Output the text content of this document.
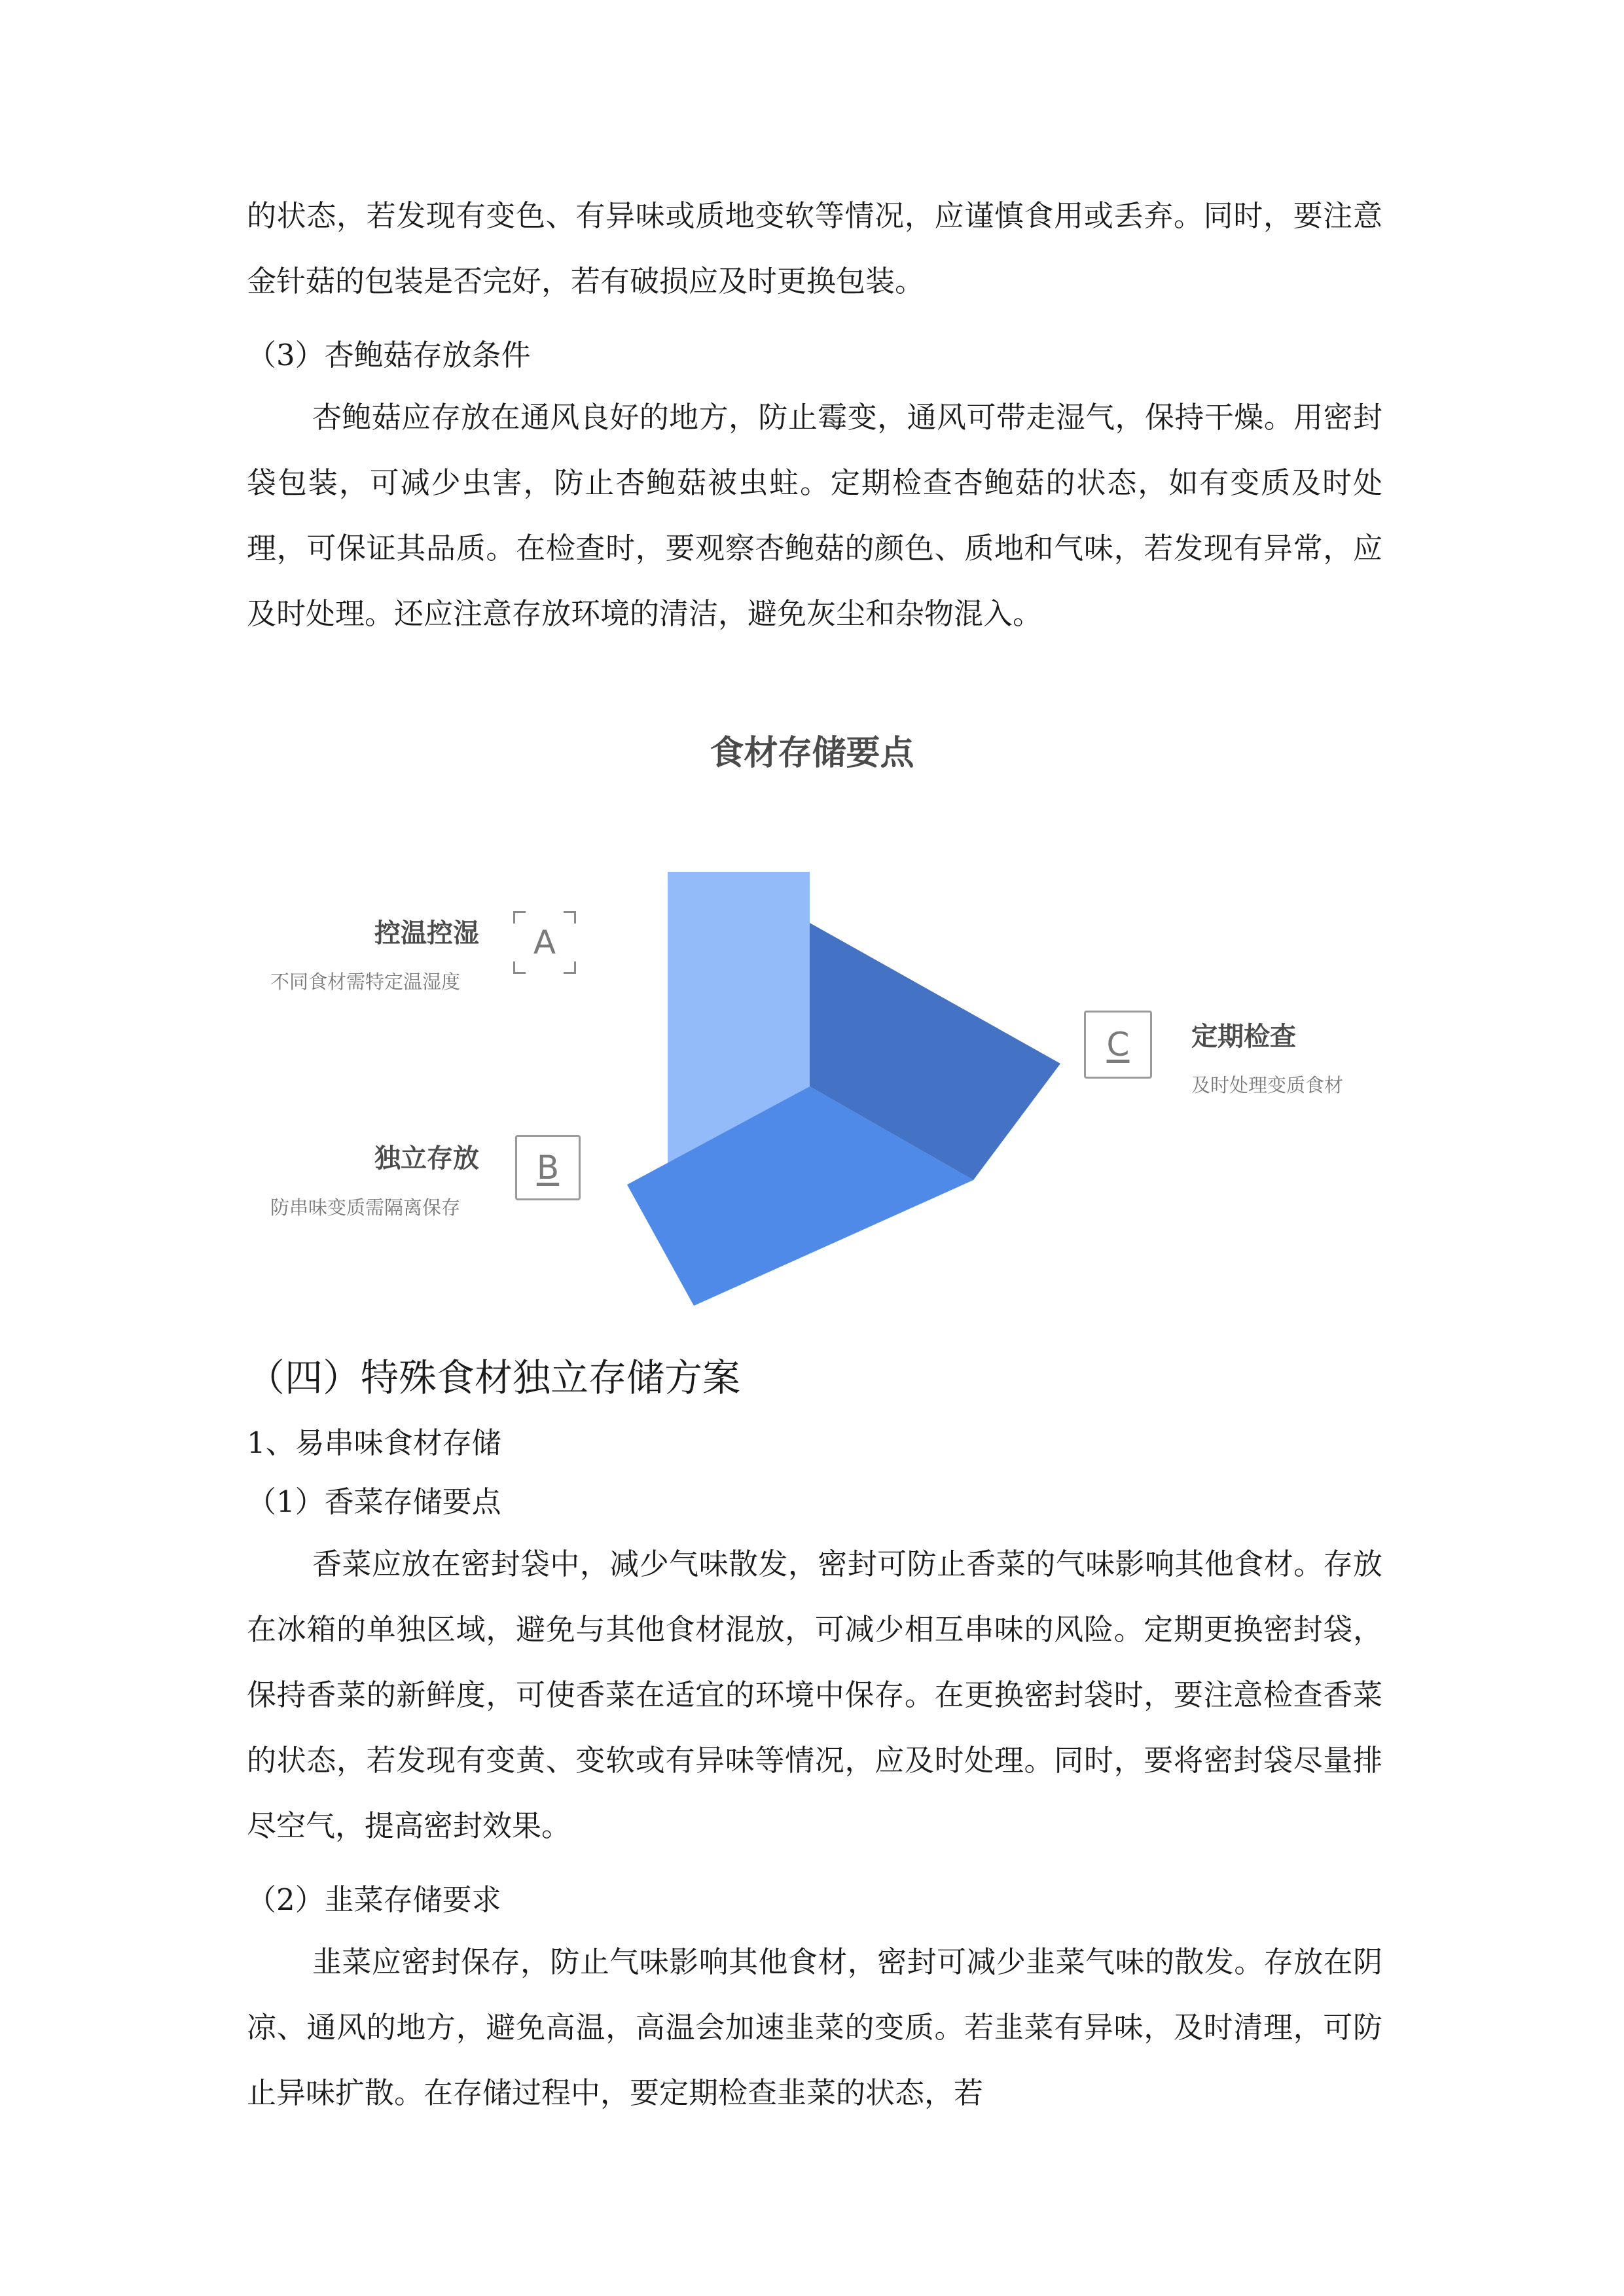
的状态，若发现有变色、有异味或质地变软等情况，应谨慎食用或丢弃。同时，要注意金针菇的包装是否完好，若有破损应及时更换包装。

（3）杏鲍菇存放条件

杏鲍菇应存放在通风良好的地方，防止霉变，通风可带走湿气，保持干燥。用密封袋包装，可减少虫害，防止杏鲍菇被虫蛀。定期检查杏鲍菇的状态，如有变质及时处理，可保证其品质。在检查时，要观察杏鲍菇的颜色、质地和气味，若发现有异常，应及时处理。还应注意存放环境的清洁，避免灰尘和杂物混入。

食材存储要点
控温控湿
不同食材需特定温湿度
A
独立存放
防串味变质需隔离保存
B
C	定期检查
及时处理变质食材

（四）特殊食材独立存储方案

1、易串味食材存储

（1）香菜存储要点

香菜应放在密封袋中，减少气味散发，密封可防止香菜的气味影响其他食材。存放在冰箱的单独区域，避免与其他食材混放，可减少相互串味的风险。定期更换密封袋，保持香菜的新鲜度，可使香菜在适宜的环境中保存。在更换密封袋时，要注意检查香菜的状态，若发现有变黄、变软或有异味等情况，应及时处理。同时，要将密封袋尽量排尽空气，提高密封效果。

（2）韭菜存储要求

韭菜应密封保存，防止气味影响其他食材，密封可减少韭菜气味的散发。存放在阴凉、通风的地方，避免高温，高温会加速韭菜的变质。若韭菜有异味，及时清理，可防止异味扩散。在存储过程中，要定期检查韭菜的状态，若
